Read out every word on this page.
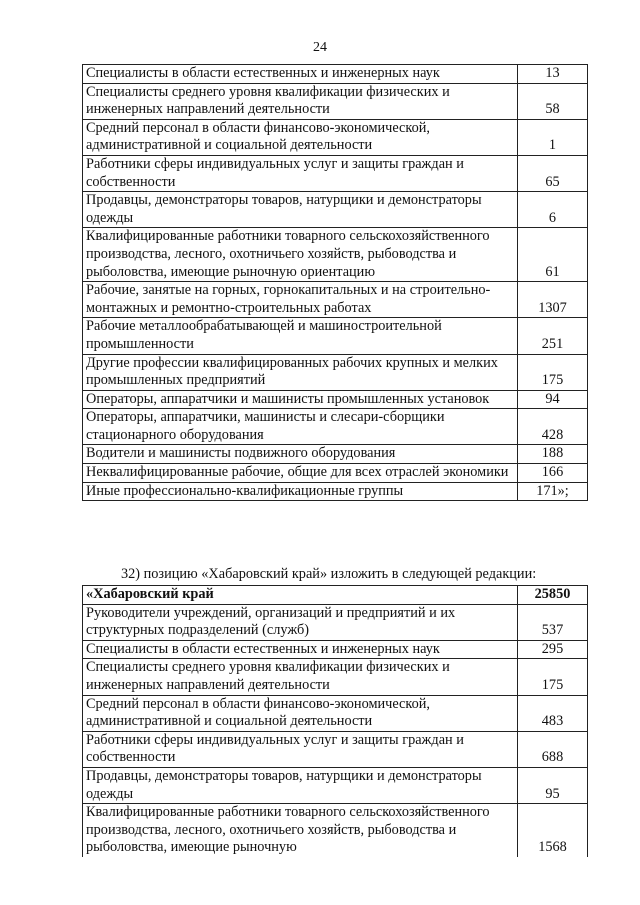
24
Специалисты в области естественных и инженерных наук	13
Специалисты среднего уровня квалификации физических и инженерных направлений деятельности	58
Средний персонал в области финансово-экономической, административной и социальной деятельности	1
Работники сферы индивидуальных услуг и защиты граждан и собственности	65
Продавцы, демонстраторы товаров, натурщики и демонстраторы одежды	6
Квалифицированные работники товарного сельскохозяйственного производства, лесного, охотничьего хозяйств, рыбоводства и рыболовства, имеющие рыночную ориентацию	61
Рабочие, занятые на горных, горнокапитальных и на строительно-монтажных и ремонтно-строительных работах	1307
Рабочие металлообрабатывающей и машиностроительной промышленности	251
Другие профессии квалифицированных рабочих крупных и мелких промышленных предприятий	175
Операторы, аппаратчики и машинисты промышленных установок	94
Операторы, аппаратчики, машинисты и слесари-сборщики стационарного оборудования	428
Водители и машинисты подвижного оборудования	188
Неквалифицированные рабочие, общие для всех отраслей экономики	166
Иные профессионально-квалификационные группы	171»;
32) позицию «Хабаровский край» изложить в следующей редакции:
«Хабаровский край	25850
Руководители учреждений, организаций и предприятий и их структурных подразделений (служб)	537
Специалисты в области естественных и инженерных наук	295
Специалисты среднего уровня квалификации физических и инженерных направлений деятельности	175
Средний персонал в области финансово-экономической, административной и социальной деятельности	483
Работники сферы индивидуальных услуг и защиты граждан и собственности	688
Продавцы, демонстраторы товаров, натурщики и демонстраторы одежды	95
Квалифицированные работники товарного сельскохозяйственного производства, лесного, охотничьего хозяйств, рыбоводства и рыболовства, имеющие рыночную	1568
